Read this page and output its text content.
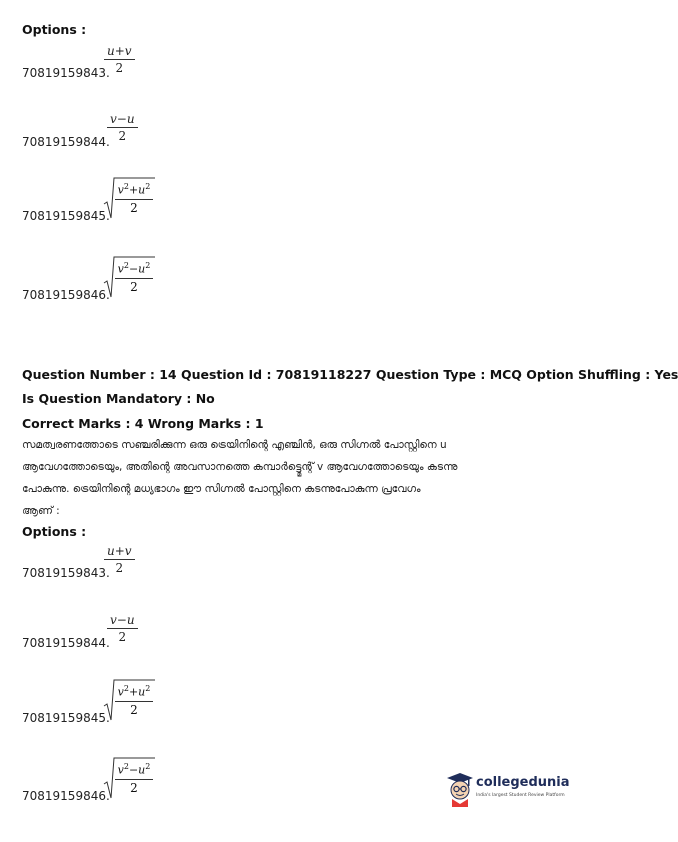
Options :
70819159843.
u+v
2
70819159844.
v−u
2
70819159845.
$v^2+u^2$
2
70819159846.
$v^2-u^2$
2
Question Number : 14 Question Id : 70819118227 Question Type : MCQ Option Shuffling : Yes
Is Question Mandatory : No
Correct Marks : 4 Wrong Marks : 1
സമത്വരണത്തോടെ സഞ്ചരിക്കുന്ന ഒരു ട്രെയിനിന്റെ എഞ്ചിൻ, ഒരു സിഗ്നൽ പോസ്റ്റിനെ u
ആവേഗത്തോടെയും, അതിന്റെ അവസാനത്തെ കമ്പാർട്ട്മെന്റ് v ആവേഗത്തോടെയും കടന്നു
പോകുന്നു. ട്രെയിനിന്റെ മധ്യഭാഗം ഈ സിഗ്നൽ പോസ്റ്റിനെ കടന്നുപോകുന്ന പ്രവേഗം
ആണ് :
Options :
70819159843.
u+v
2
70819159844.
v−u
2
70819159845.
$v^2+u^2$
2
70819159846.
$v^2-u^2$
2	collegedunia
India's largest Student Review Platform
